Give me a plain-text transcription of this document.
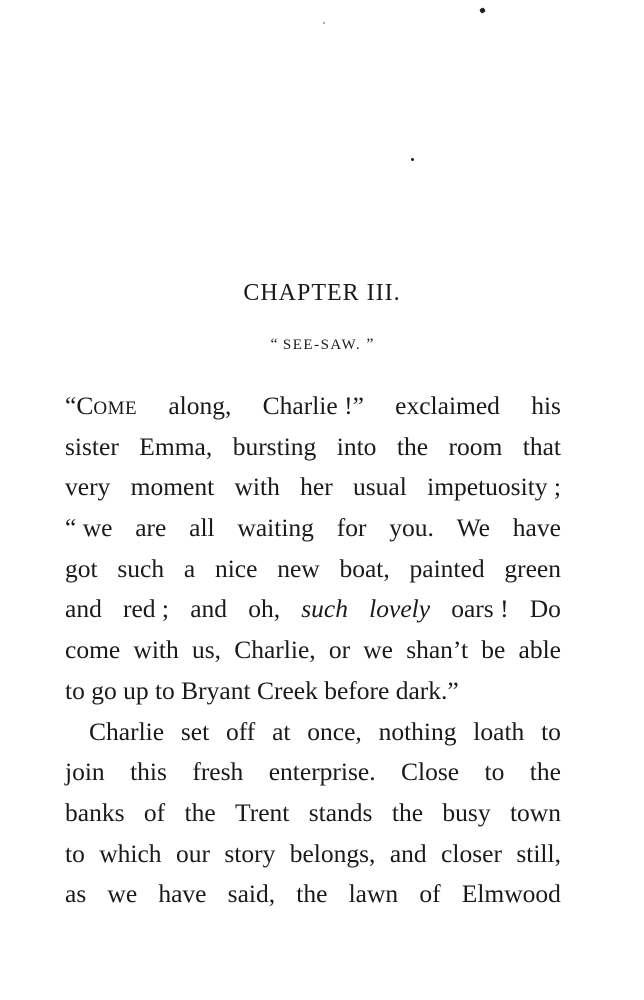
CHAPTER III.
“ SEE-SAW. ”
“COME along, Charlie !” exclaimed his
sister Emma, bursting into the room that
very moment with her usual impetuosity ;
“ we are all waiting for you. We have
got such a nice new boat, painted green
and red ; and oh, such lovely oars ! Do
come with us, Charlie, or we shan’t be able
to go up to Bryant Creek before dark.”
Charlie set off at once, nothing loath to
join this fresh enterprise. Close to the
banks of the Trent stands the busy town
to which our story belongs, and closer still,
as we have said, the lawn of Elmwood
